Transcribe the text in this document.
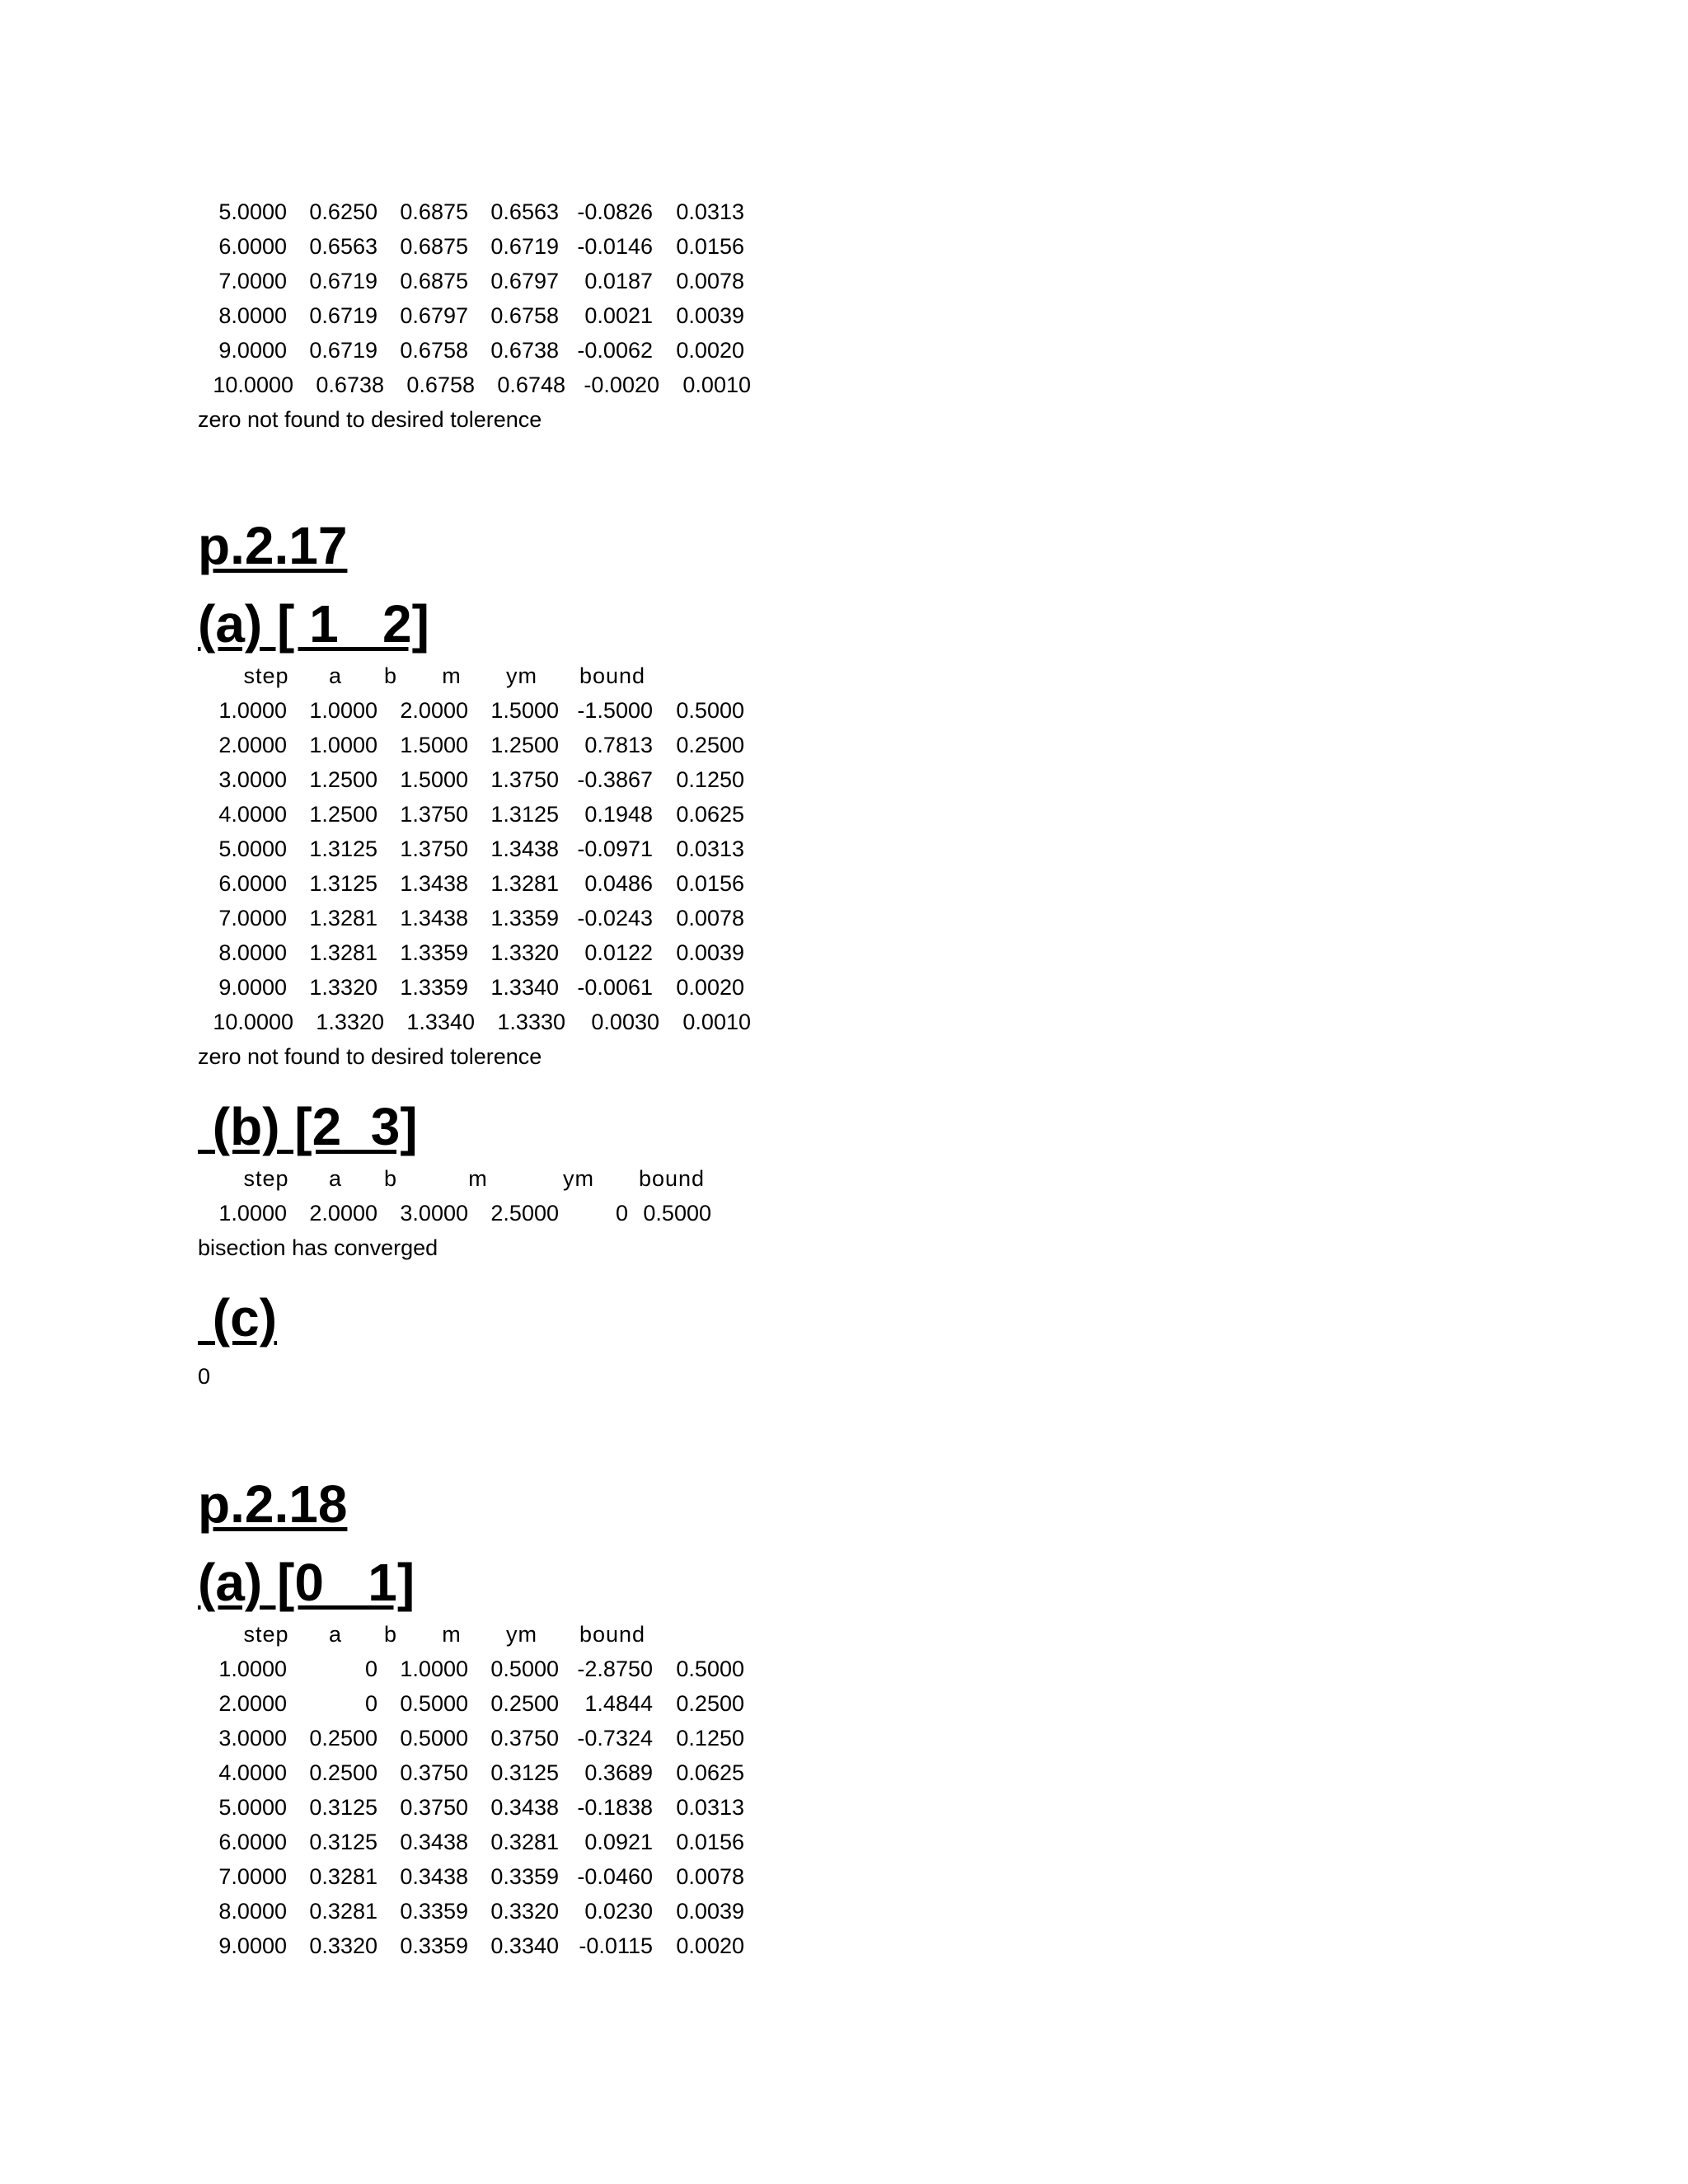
5.0000	0.6250	0.6875	0.6563 -0.0826	0.0313
6.0000	0.6563	0.6875	0.6719 -0.0146	0.0156
7.0000	0.6719	0.6875	0.6797	0.0187	0.0078
8.0000	0.6719	0.6797	0.6758	0.0021	0.0039
9.0000	0.6719	0.6758	0.6738 -0.0062	0.0020
10.0000	0.6738	0.6758	0.6748 -0.0020	0.0010
zero not found to desired tolerence
p.2.17
(a) [ 1   2]
step	a	b	m	ym	bound
1.0000	1.0000	2.0000	1.5000 -1.5000	0.5000
2.0000	1.0000	1.5000	1.2500	0.7813	0.2500
3.0000	1.2500	1.5000	1.3750 -0.3867	0.1250
4.0000	1.2500	1.3750	1.3125	0.1948	0.0625
5.0000	1.3125	1.3750	1.3438 -0.0971	0.0313
6.0000	1.3125	1.3438	1.3281	0.0486	0.0156
7.0000	1.3281	1.3438	1.3359 -0.0243	0.0078
8.0000	1.3281	1.3359	1.3320	0.0122	0.0039
9.0000	1.3320	1.3359	1.3340 -0.0061	0.0020
10.0000	1.3320	1.3340	1.3330	0.0030	0.0010
zero not found to desired tolerence
(b) [2  3]
step	a	b	m	ym	bound
1.0000	2.0000	3.0000	2.5000	0 0.5000
bisection has converged
(c)
0
p.2.18
(a) [0   1]
step	a	b	m	ym	bound
1.0000	0	1.0000	0.5000 -2.8750	0.5000
2.0000	0	0.5000	0.2500	1.4844	0.2500
3.0000	0.2500	0.5000	0.3750 -0.7324	0.1250
4.0000	0.2500	0.3750	0.3125	0.3689	0.0625
5.0000	0.3125	0.3750	0.3438 -0.1838	0.0313
6.0000	0.3125	0.3438	0.3281	0.0921	0.0156
7.0000	0.3281	0.3438	0.3359 -0.0460	0.0078
8.0000	0.3281	0.3359	0.3320	0.0230	0.0039
9.0000	0.3320	0.3359	0.3340 -0.0115	0.0020
